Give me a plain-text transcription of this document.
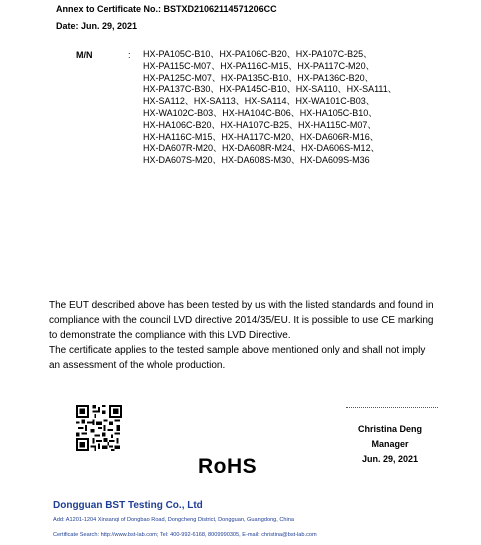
Annex to Certificate No.: BSTXD21062114571206CC
Date: Jun. 29, 2021
M/N	: HX-PA105C-B10、HX-PA106C-B20、HX-PA107C-B25、
HX-PA115C-M07、HX-PA116C-M15、HX-PA117C-M20、
HX-PA125C-M07、HX-PA135C-B10、HX-PA136C-B20、
HX-PA137C-B30、HX-PA145C-B10、HX-SA110、HX-SA111、
HX-SA112、HX-SA113、HX-SA114、HX-WA101C-B03、
HX-WA102C-B03、HX-HA104C-B06、HX-HA105C-B10、
HX-HA106C-B20、HX-HA107C-B25、HX-HA115C-M07、
HX-HA116C-M15、HX-HA117C-M20、HX-DA606R-M16、
HX-DA607R-M20、HX-DA608R-M24、HX-DA606S-M12、
HX-DA607S-M20、HX-DA608S-M30、HX-DA609S-M36

The EUT described above has been tested by us with the listed standards and found in

compliance with the council LVD directive 2014/35/EU. It is possible to use CE marking

to demonstrate the compliance with this LVD Directive.

The certificate applies to the tested sample above mentioned only and shall not imply

an assessment of the whole production.

Christina Deng
Manager
Jun. 29, 2021
RoHS
Dongguan BST Testing Co., Ltd
Add: A1201-1204 Xinsanqi of Dongbao Road, Dongcheng District, Dongguan, Guangdong, China
Certificate Search: http://www.bst-lab.com; Tel: 400-992-6168, 8009990305, E-mail: christina@bst-lab.com
